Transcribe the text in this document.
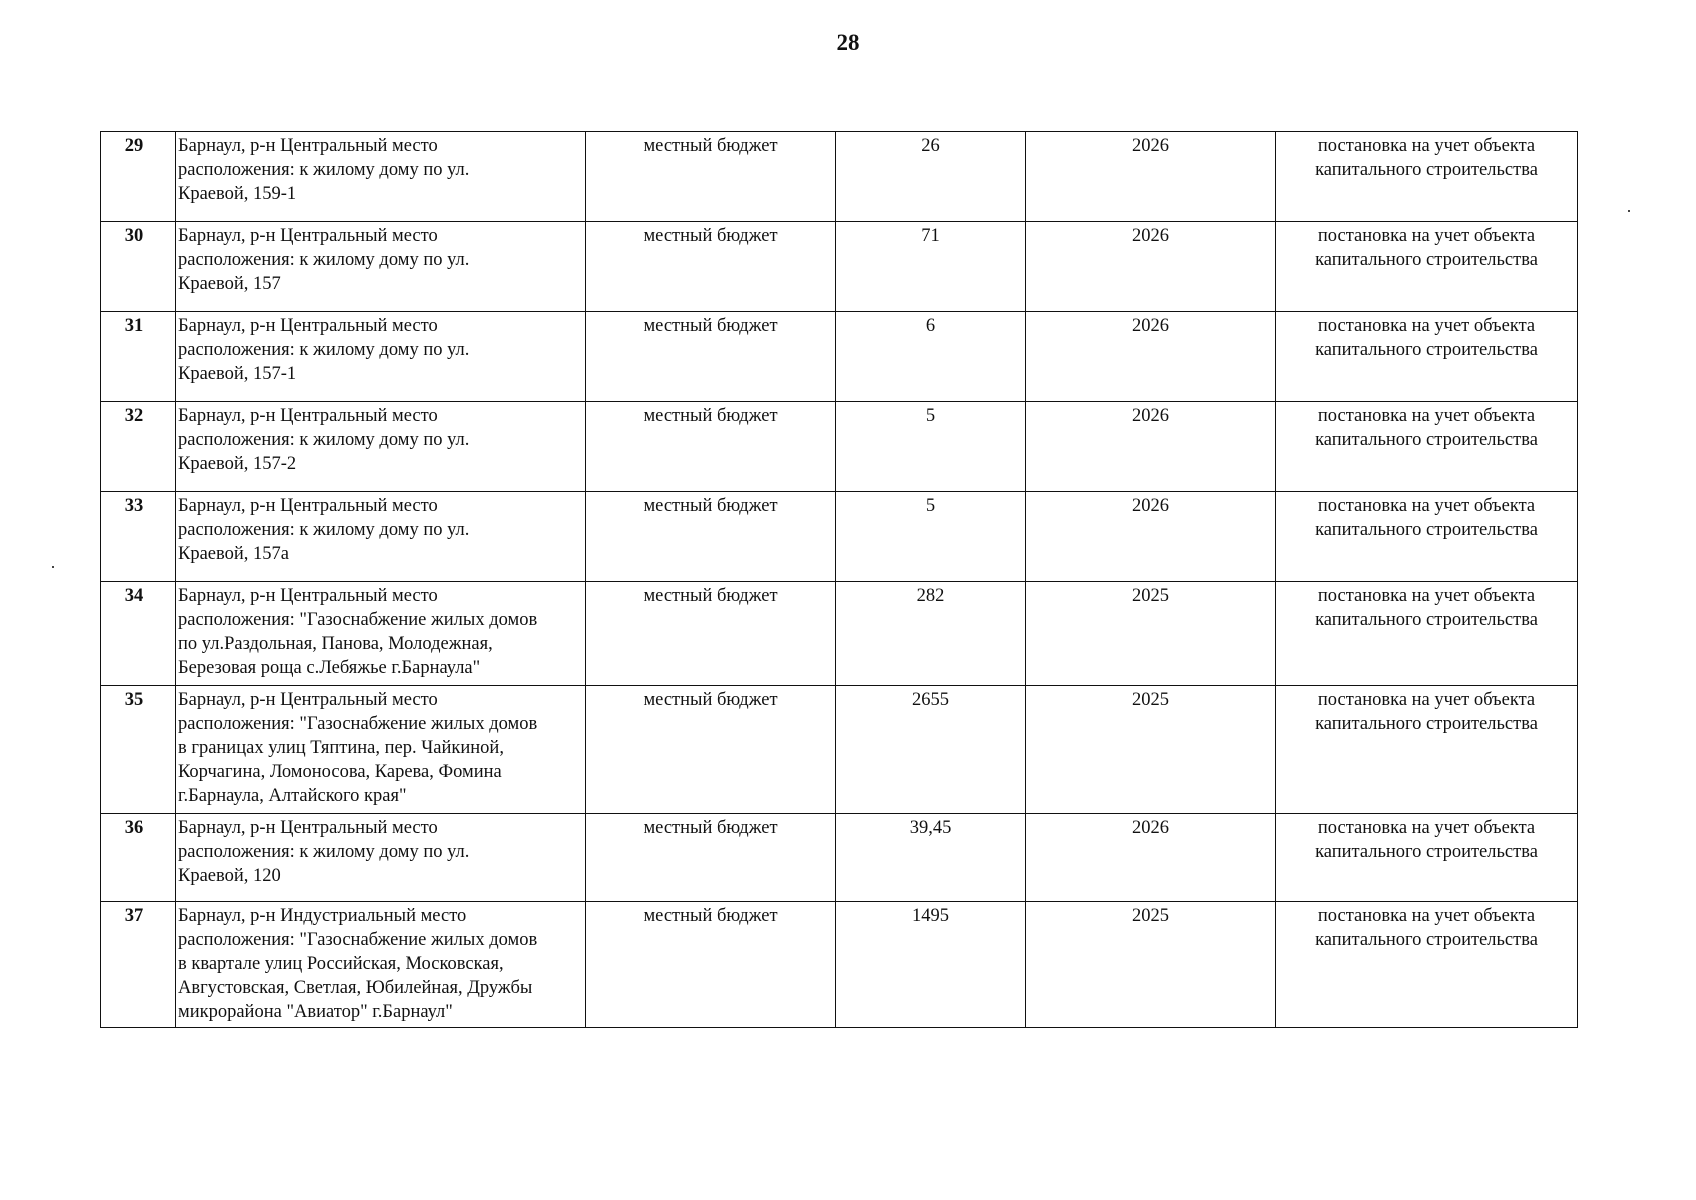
28
29	Барнаул, р-н Центральный место
расположения: к жилому дому по ул.
Краевой, 159-1	местный бюджет	26	2026	постановка на учет объекта
капитального строительства

30	Барнаул, р-н Центральный место
расположения: к жилому дому по ул.
Краевой, 157	местный бюджет	71	2026	постановка на учет объекта
капитального строительства

31	Барнаул, р-н Центральный место
расположения: к жилому дому по ул.
Краевой, 157-1	местный бюджет	6	2026	постановка на учет объекта
капитального строительства

32	Барнаул, р-н Центральный место
расположения: к жилому дому по ул.
Краевой, 157-2	местный бюджет	5	2026	постановка на учет объекта
капитального строительства

33	Барнаул, р-н Центральный место
расположения: к жилому дому по ул.
Краевой, 157а	местный бюджет	5	2026	постановка на учет объекта
капитального строительства

34	Барнаул, р-н Центральный место
расположения: "Газоснабжение жилых домов
по ул.Раздольная, Панова, Молодежная,
Березовая роща с.Лебяжье г.Барнаула"	местный бюджет	282	2025	постановка на учет объекта
капитального строительства

35	Барнаул, р-н Центральный место
расположения: "Газоснабжение жилых домов
в границах улиц Тяптина, пер. Чайкиной,
Корчагина, Ломоносова, Карева, Фомина
г.Барнаула, Алтайского края"	местный бюджет	2655	2025	постановка на учет объекта
капитального строительства

36	Барнаул, р-н Центральный место
расположения: к жилому дому по ул.
Краевой, 120	местный бюджет	39,45	2026	постановка на учет объекта
капитального строительства

37	Барнаул, р-н Индустриальный место
расположения: "Газоснабжение жилых домов
в квартале улиц Российская, Московская,
Августовская, Светлая, Юбилейная, Дружбы
микрорайона "Авиатор" г.Барнаул"	местный бюджет	1495	2025	постановка на учет объекта
капитального строительства
